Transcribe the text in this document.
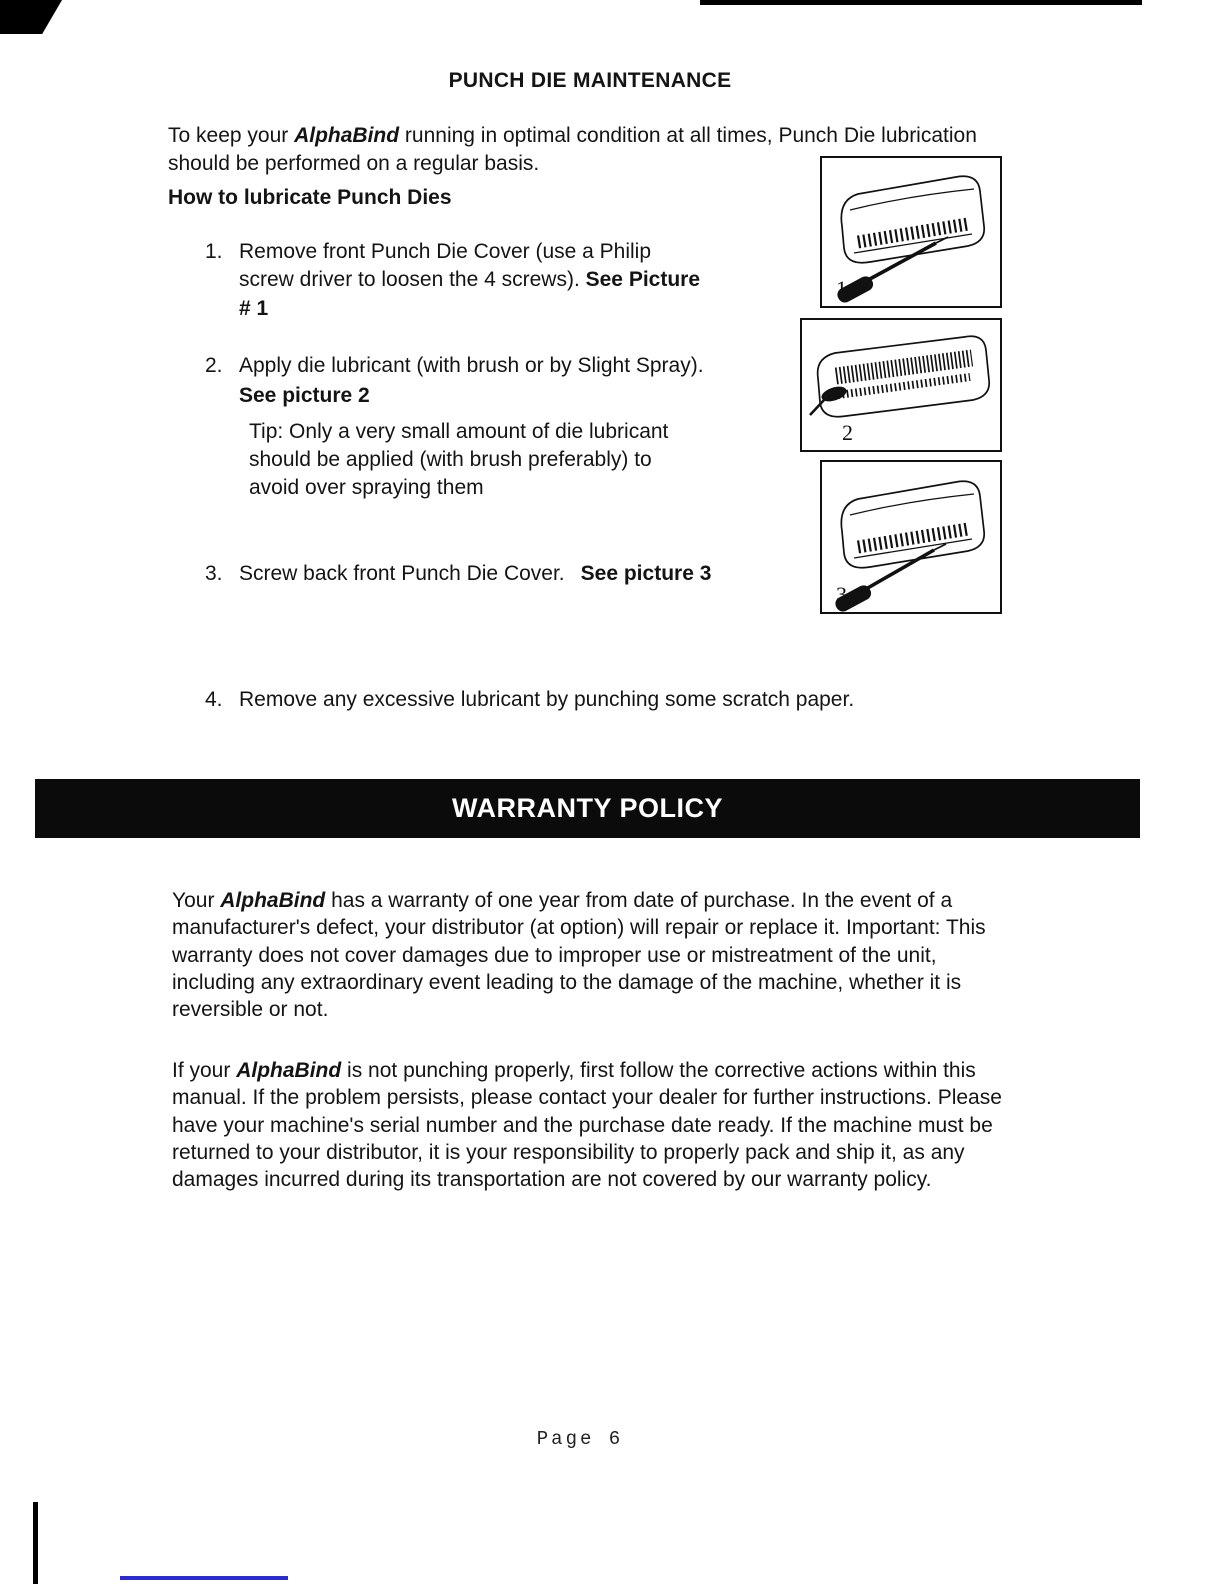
PUNCH DIE MAINTENANCE

To keep your AlphaBind running in optimal condition at all times, Punch Die lubrication should be performed on a regular basis.

How to lubricate Punch Dies
1. Remove front Punch Die Cover (use a Philip screw driver to loosen the 4 screws). See Picture # 1
2. Apply die lubricant (with brush or by Slight Spray).
See picture 2
Tip: Only a very small amount of die lubricant should be applied (with brush preferably) to avoid over spraying them
3. Screw back front Punch Die Cover. See picture 3
4. Remove any excessive lubricant by punching some scratch paper.
1
2
3
WARRANTY POLICY

Your AlphaBind has a warranty of one year from date of purchase. In the event of a manufacturer's defect, your distributor (at option) will repair or replace it. Important: This warranty does not cover damages due to improper use or mistreatment of the unit, including any extraordinary event leading to the damage of the machine, whether it is reversible or not.

If your AlphaBind is not punching properly, first follow the corrective actions within this manual. If the problem persists, please contact your dealer for further instructions. Please have your machine's serial number and the purchase date ready. If the machine must be returned to your distributor, it is your responsibility to properly pack and ship it, as any damages incurred during its transportation are not covered by our warranty policy.

Page 6
